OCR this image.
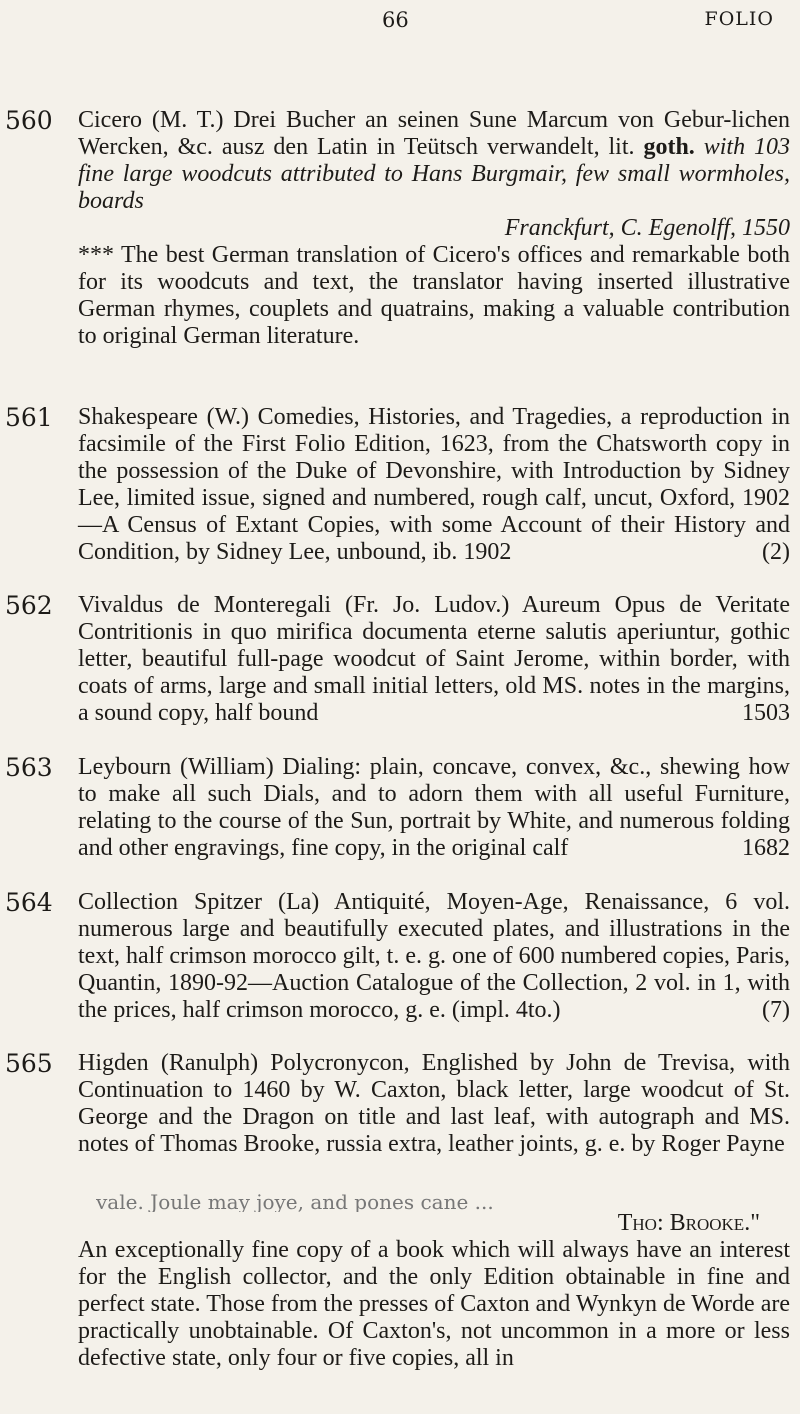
66	FOLIO
560 Cicero (M. T.) Drei Bucher an seinen Sune Marcum von Gebur-lichen Wercken, &c. ausz den Latin in Teütsch verwandelt, lit. goth. with 103 fine large woodcuts attributed to Hans Burgmair, few small wormholes, boards
Franckfurt, C. Egenolff, 1550
*** The best German translation of Cicero's offices and remarkable both for its woodcuts and text, the translator having inserted illustrative German rhymes, couplets and quatrains, making a valuable contribution to original German literature.
561 Shakespeare (W.) Comedies, Histories, and Tragedies, a reproduction in facsimile of the First Folio Edition, 1623, from the Chatsworth copy in the possession of the Duke of Devonshire, with Introduction by Sidney Lee, limited issue, signed and numbered, rough calf, uncut, Oxford, 1902—A Census of Extant Copies, with some Account of their History and Condition, by Sidney Lee, unbound, ib. 1902	(2)
562 Vivaldus de Monteregali (Fr. Jo. Ludov.) Aureum Opus de Veritate Contritionis in quo mirifica documenta eterne salutis aperiuntur, gothic letter, beautiful full-page woodcut of Saint Jerome, within border, with coats of arms, large and small initial letters, old MS. notes in the margins, a sound copy, half bound	1503
563 Leybourn (William) Dialing: plain, concave, convex, &c., shewing how to make all such Dials, and to adorn them with all useful Furniture, relating to the course of the Sun, portrait by White, and numerous folding and other engravings, fine copy, in the original calf	1682
564 Collection Spitzer (La) Antiquité, Moyen-Age, Renaissance, 6 vol. numerous large and beautifully executed plates, and illustrations in the text, half crimson morocco gilt, t. e. g. one of 600 numbered copies, Paris, Quantin, 1890-92—Auction Catalogue of the Collection, 2 vol. in 1, with the prices, half crimson morocco, g. e. (impl. 4to.)	(7)
565 Higden (Ranulph) Polycronycon, Englished by John de Trevisa, with Continuation to 1460 by W. Caxton, black letter, large woodcut of St. George and the Dragon on title and last leaf, with autograph and MS. notes of Thomas Brooke, russia extra, leather joints, g. e. by Roger Payne
vale. Joule may joye, and pones cane ...
Tho: Brooke."
An exceptionally fine copy of a book which will always have an interest for the English collector, and the only Edition obtainable in fine and perfect state. Those from the presses of Caxton and Wynkyn de Worde are practically unobtainable. Of Caxton's, not uncommon in a more or less defective state, only four or five copies, all in
